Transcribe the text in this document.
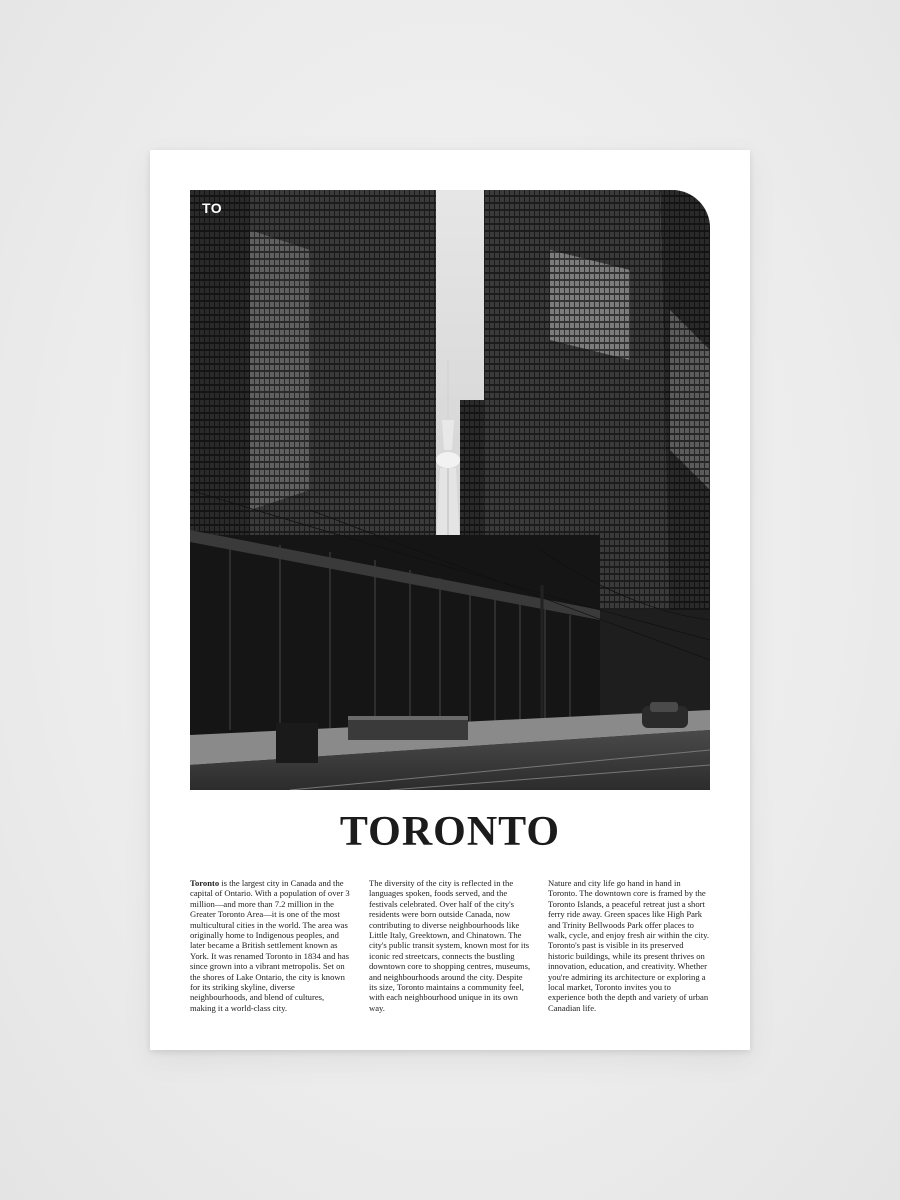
TO
TORONTO

Toronto is the largest city in Canada and the capital of Ontario. With a population of over 3 million—and more than 7.2 million in the Greater Toronto Area—it is one of the most multicultural cities in the world. The area was originally home to Indigenous peoples, and later became a British settlement known as York. It was renamed Toronto in 1834 and has since grown into a vibrant metropolis. Set on the shores of Lake Ontario, the city is known for its striking skyline, diverse neighbourhoods, and blend of cultures, making it a world-class city.

The diversity of the city is reflected in the languages spoken, foods served, and the festivals celebrated. Over half of the city's residents were born outside Canada, now contributing to diverse neighbourhoods like Little Italy, Greektown, and Chinatown. The city's public transit system, known most for its iconic red streetcars, connects the bustling downtown core to shopping centres, museums, and neighbourhoods around the city. Despite its size, Toronto maintains a community feel, with each neighbourhood unique in its own way.

Nature and city life go hand in hand in Toronto. The downtown core is framed by the Toronto Islands, a peaceful retreat just a short ferry ride away. Green spaces like High Park and Trinity Bellwoods Park offer places to walk, cycle, and enjoy fresh air within the city. Toronto's past is visible in its preserved historic buildings, while its present thrives on innovation, education, and creativity. Whether you're admiring its architecture or exploring a local market, Toronto invites you to experience both the depth and variety of urban Canadian life.
